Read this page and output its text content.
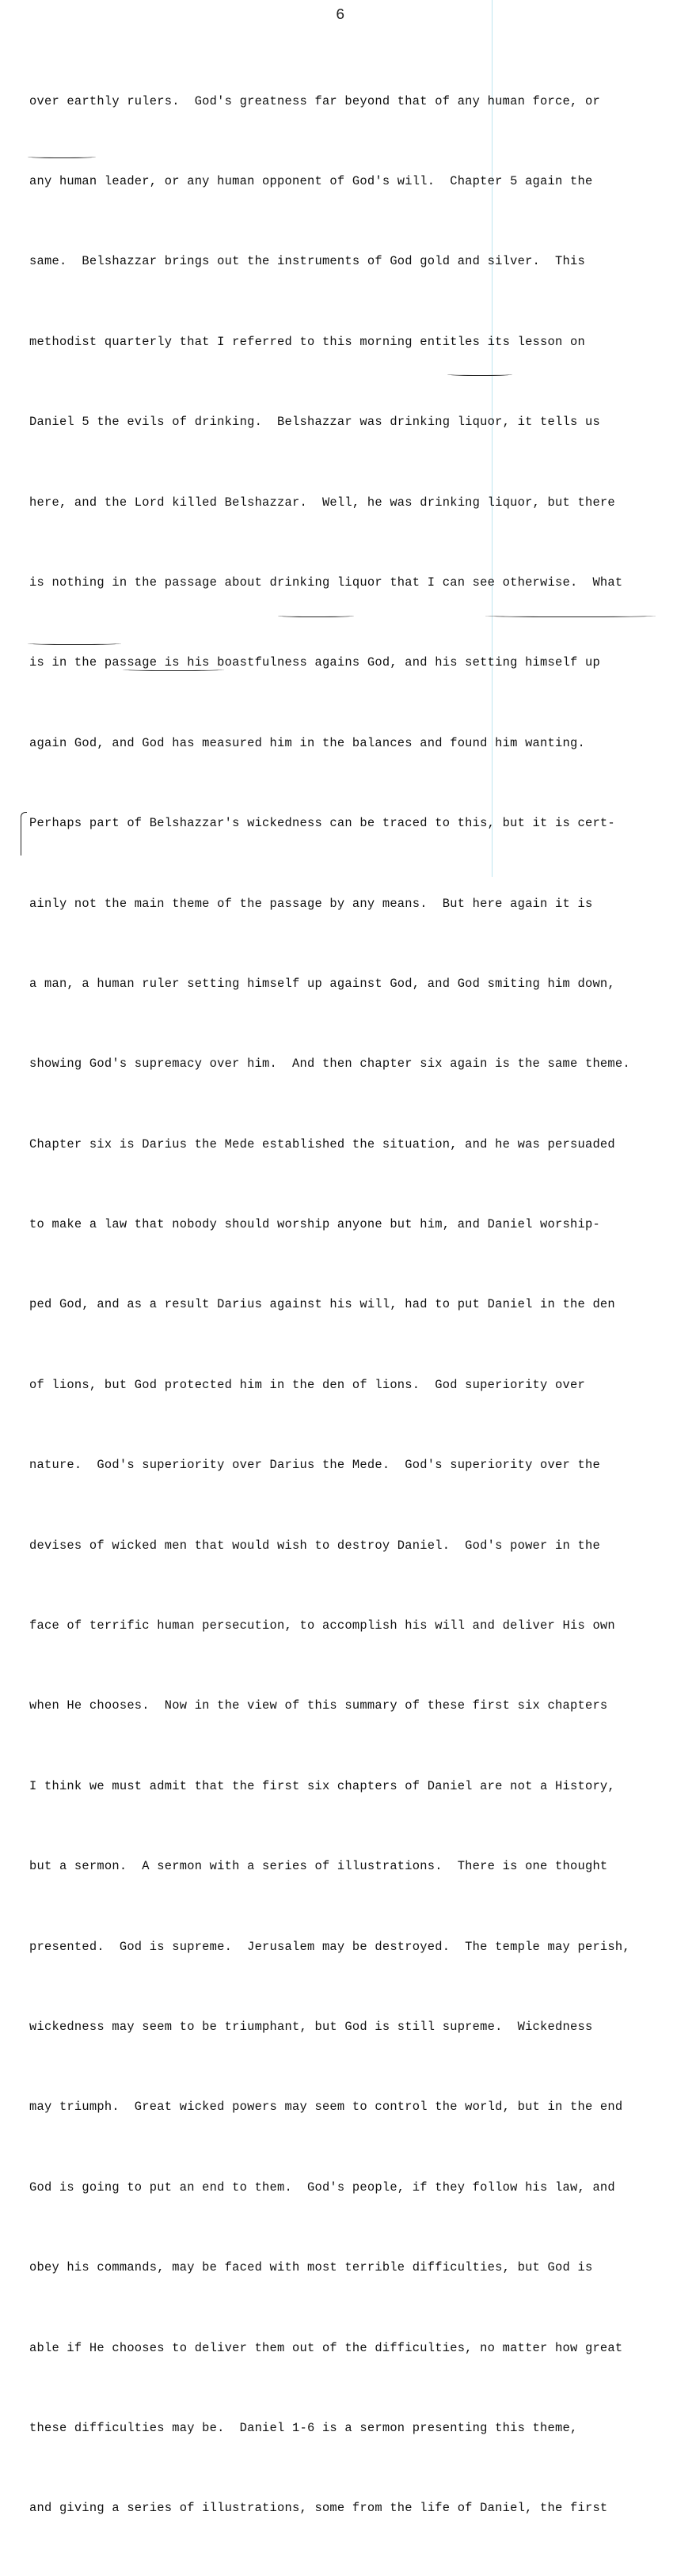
6

over earthly rulers.  God's greatness far beyond that of any human force, or

any human leader, or any human opponent of God's will.  Chapter 5 again the

same.  Belshazzar brings out the instruments of God gold and silver.  This

methodist quarterly that I referred to this morning entitles its lesson on

Daniel 5 the evils of drinking.  Belshazzar was drinking liquor, it tells us

here, and the Lord killed Belshazzar.  Well, he was drinking liquor, but there

is nothing in the passage about drinking liquor that I can see otherwise.  What

is in the passage is his boastfulness agains God, and his setting himself up

again God, and God has measured him in the balances and found him wanting.

Perhaps part of Belshazzar's wickedness can be traced to this, but it is cert-

ainly not the main theme of the passage by any means.  But here again it is

a man, a human ruler setting himself up against God, and God smiting him down,

showing God's supremacy over him.  And then chapter six again is the same theme.

Chapter six is Darius the Mede established the situation, and he was persuaded

to make a law that nobody should worship anyone but him, and Daniel worship-

ped God, and as a result Darius against his will, had to put Daniel in the den

of lions, but God protected him in the den of lions.  God superiority over

nature.  God's superiority over Darius the Mede.  God's superiority over the

devises of wicked men that would wish to destroy Daniel.  God's power in the

face of terrific human persecution, to accomplish his will and deliver His own

when He chooses.  Now in the view of this summary of these first six chapters

I think we must admit that the first six chapters of Daniel are not a History,

but a sermon.  A sermon with a series of illustrations.  There is one thought

presented.  God is supreme.  Jerusalem may be destroyed.  The temple may perish,

wickedness may seem to be triumphant, but God is still supreme.  Wickedness

may triumph.  Great wicked powers may seem to control the world, but in the end

God is going to put an end to them.  God's people, if they follow his law, and

obey his commands, may be faced with most terrible difficulties, but God is

able if He chooses to deliver them out of the difficulties, no matter how great

these difficulties may be.  Daniel 1-6 is a sermon presenting this theme,

and giving a series of illustrations, some from the life of Daniel, the first
